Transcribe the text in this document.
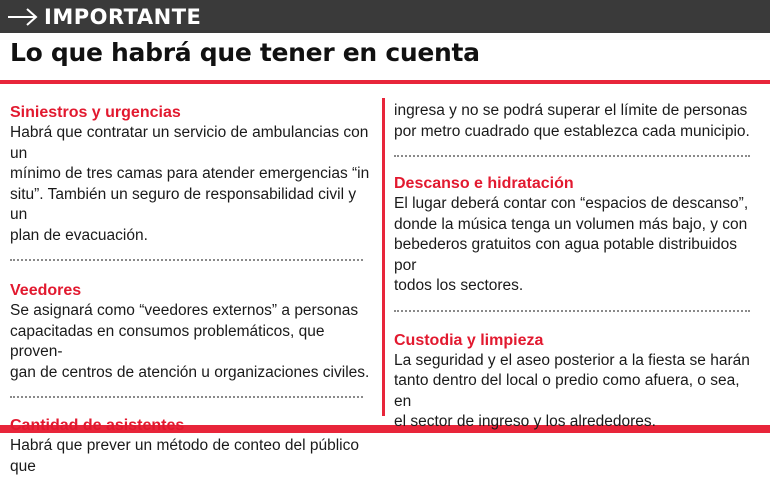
IMPORTANTE
Lo que habrá que tener en cuenta

Siniestros y urgencias

Habrá que contratar un servicio de ambulancias con un
mínimo de tres camas para atender emergencias “in
situ”. También un seguro de responsabilidad civil y un
plan de evacuación.

Veedores

Se asignará como “veedores externos” a personas
capacitadas en consumos problemáticos, que proven-
gan de centros de atención u organizaciones civiles.

Cantidad de asistentes

Habrá que prever un método de conteo del público que
ingresa y no se podrá superar el límite de personas
por metro cuadrado que establezca cada municipio.

Descanso e hidratación

El lugar deberá contar con “espacios de descanso”,
donde la música tenga un volumen más bajo, y con
bebederos gratuitos con agua potable distribuidos por
todos los sectores.

Custodia y limpieza

La seguridad y el aseo posterior a la fiesta se harán
tanto dentro del local o predio como afuera, o sea, en
el sector de ingreso y los alrededores.
